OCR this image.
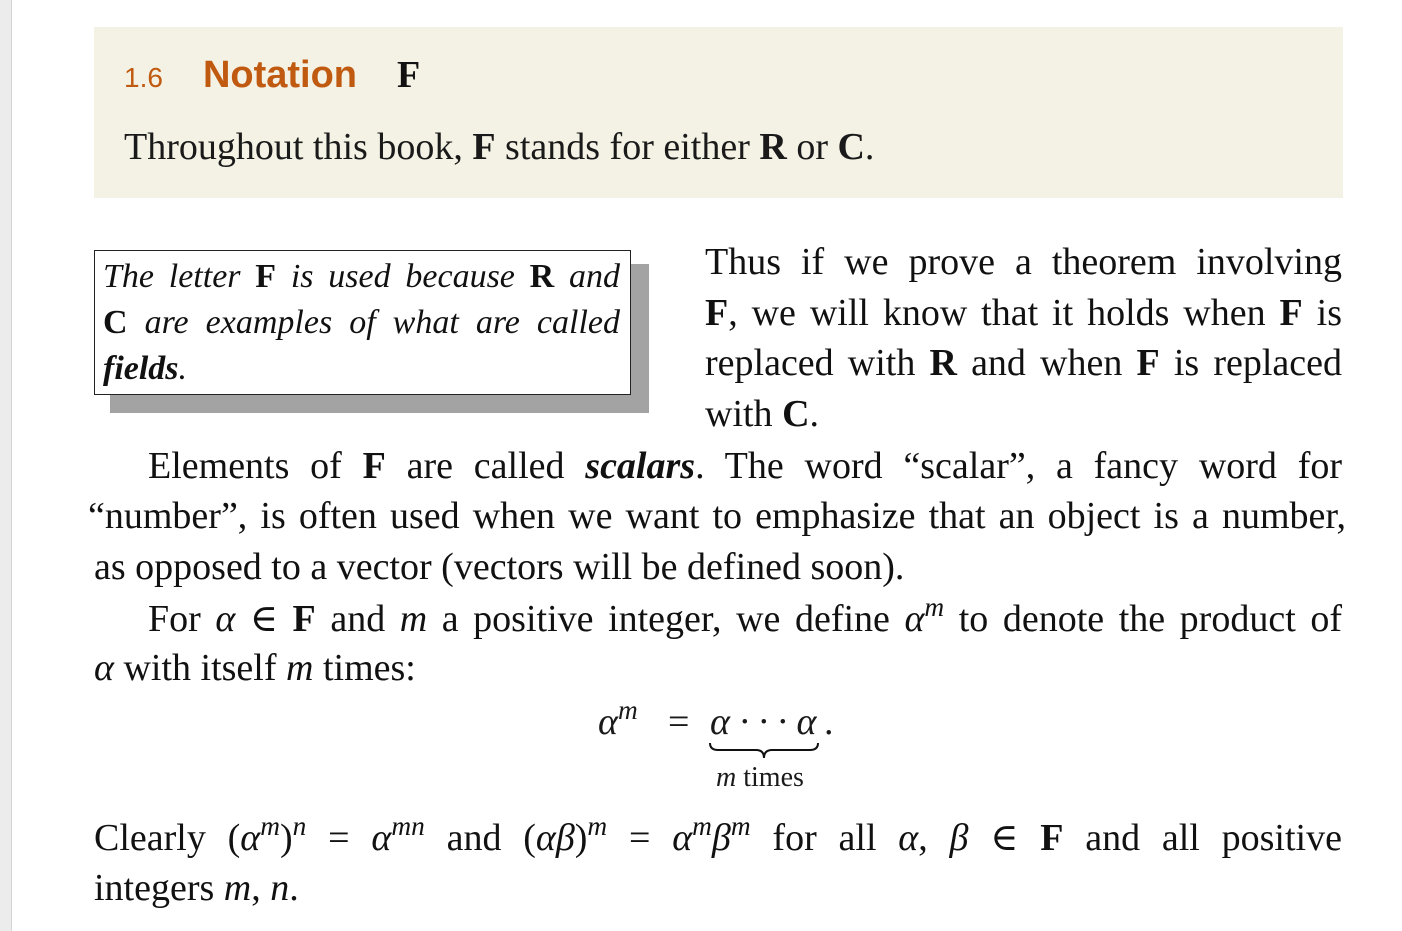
1.6 Notation F
Throughout this book, F stands for either R or C.
The letter F is used because R and
C are examples of what are called
fields.
Thus if we prove a theorem involving
F, we will know that it holds when F is
replaced with R and when F is replaced
with C.
Elements of F are called scalars. The word “scalar”, a fancy word for
“number”, is often used when we want to emphasize that an object is a number,
as opposed to a vector (vectors will be defined soon).
For α ∈ F and m a positive integer, we define $\alpha^m$ to denote the product of
α with itself m times:
$\alpha^m = \alpha$ · · · α .
m times
Clearly $(\alpha^m)^n = \alpha^{mn}$ and $(\alpha\beta)^m = \alpha^m\beta^m$ for all α, β ∈ F and all positive
integers m, n.
